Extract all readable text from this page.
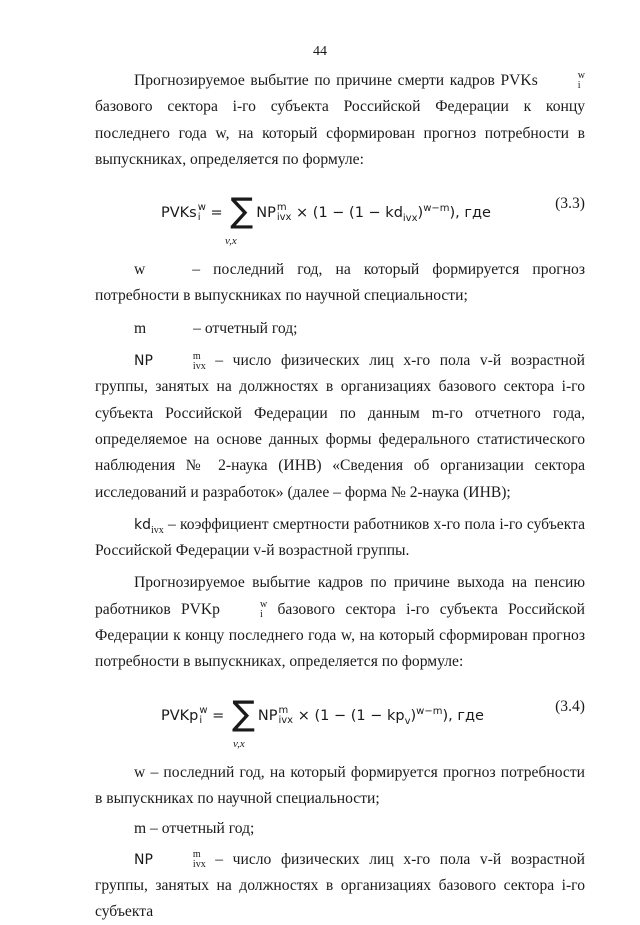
44

Прогнозируемое выбытие по причине смерти кадров PVKs	w
i
базового сектора i-го субъекта Российской Федерации к концу последнего года w, на который сформирован прогноз потребности в выпускниках, определяется по формуле:

PVKs w
i = ∑ NP m
ivx × $(1 - (1 - kd_{ivx})^{w-m})$, где
v,x
(3.3)

w	– последний год, на который формируется прогноз потребности в выпускниках по научной специальности;

m	– отчетный год;

NP	m
ivx – число физических лиц x-го пола v-й возрастной группы, занятых на должностях в организациях базового сектора i-го субъекта Российской Федерации по данным m-го отчетного года, определяемое на основе данных формы федерального статистического наблюдения № 2-наука (ИНВ) «Сведения об организации сектора исследований и разработок» (далее – форма № 2-наука (ИНВ);

$kd_{ivx}$ – коэффициент смертности работников x-го пола i-го субъекта Российской Федерации v-й возрастной группы.

Прогнозируемое выбытие кадров по причине выхода на пенсию работников PVKp	w
i базового сектора i-го субъекта Российской Федерации к концу последнего года w, на который сформирован прогноз потребности в выпускниках, определяется по формуле:

PVKp w
i = ∑ NP m
ivx × $(1 - (1 - kp_v)^{w-m})$, где
v,x
(3.4)

w – последний год, на который формируется прогноз потребности в выпускниках по научной специальности;

m – отчетный год;

NP	m
ivx – число физических лиц x-го пола v-й возрастной группы, занятых на должностях в организациях базового сектора i-го субъекта
